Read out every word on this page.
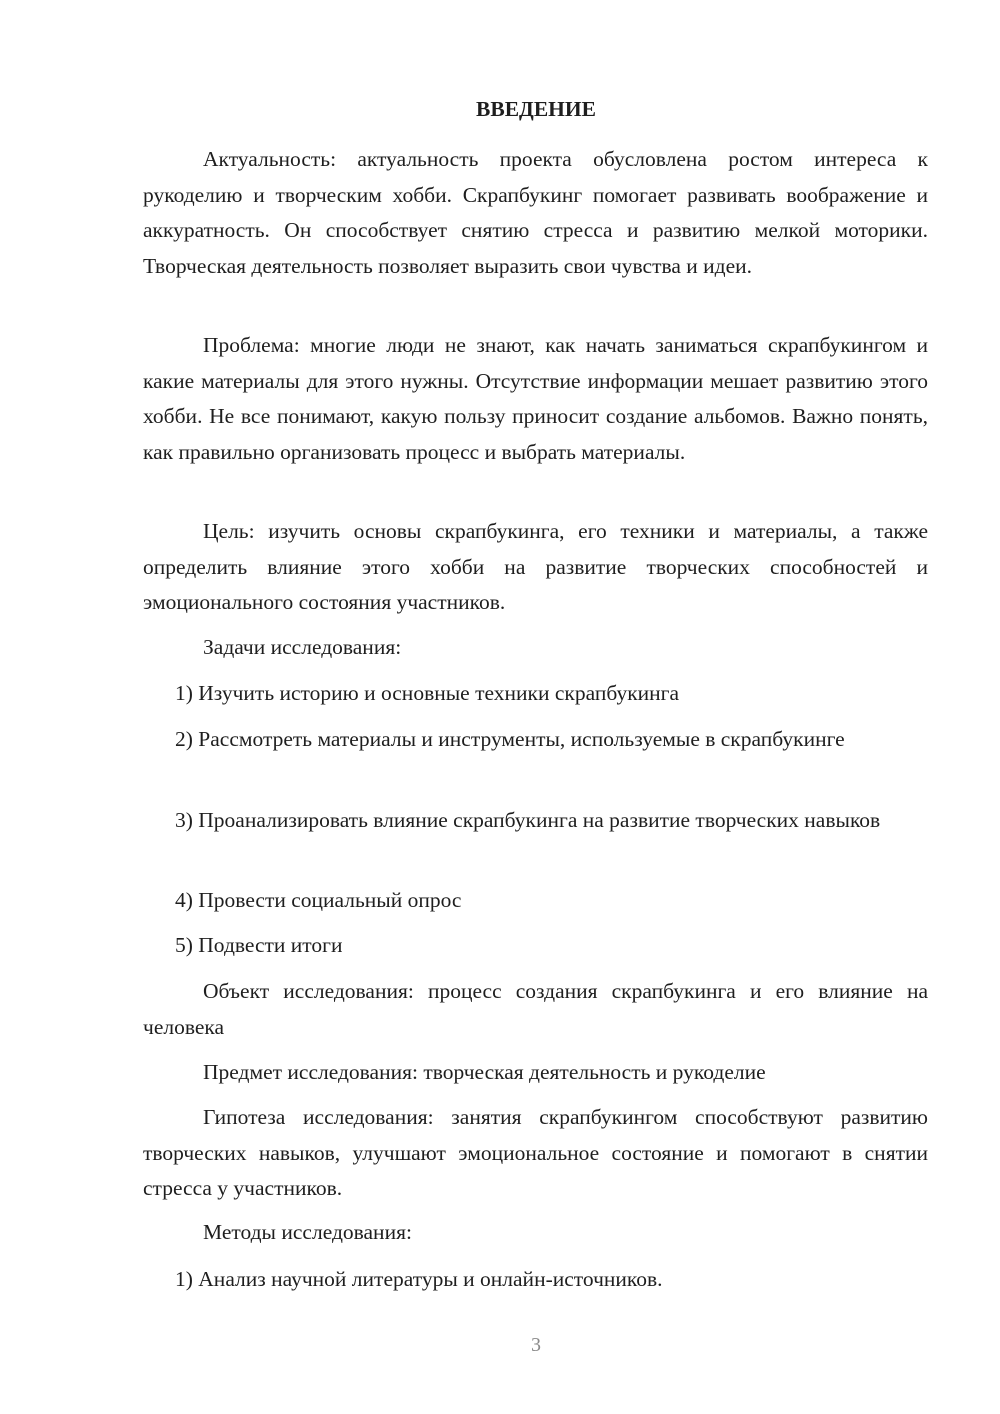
ВВЕДЕНИЕ

Актуальность: актуальность проекта обусловлена ростом интереса к рукоделию и творческим хобби. Скрапбукинг помогает развивать воображение и аккуратность. Он способствует снятию стресса и развитию мелкой моторики. Творческая деятельность позволяет выразить свои чувства и идеи.

Проблема: многие люди не знают, как начать заниматься скрапбукингом и какие материалы для этого нужны. Отсутствие информации мешает развитию этого хобби. Не все понимают, какую пользу приносит создание альбомов. Важно понять, как правильно организовать процесс и выбрать материалы.

Цель: изучить основы скрапбукинга, его техники и материалы, а также определить влияние этого хобби на развитие творческих способностей и эмоционального состояния участников.

Задачи исследования:

1) Изучить историю и основные техники скрапбукинга

2) Рассмотреть материалы и инструменты, используемые в скрапбукинге

3) Проанализировать влияние скрапбукинга на развитие творческих навыков

4) Провести социальный опрос

5) Подвести итоги

Объект исследования: процесс создания скрапбукинга и его влияние на человека

Предмет исследования: творческая деятельность и рукоделие

Гипотеза исследования: занятия скрапбукингом способствуют развитию творческих навыков, улучшают эмоциональное состояние и помогают в снятии стресса у участников.

Методы исследования:

1) Анализ научной литературы и онлайн-источников.

3
